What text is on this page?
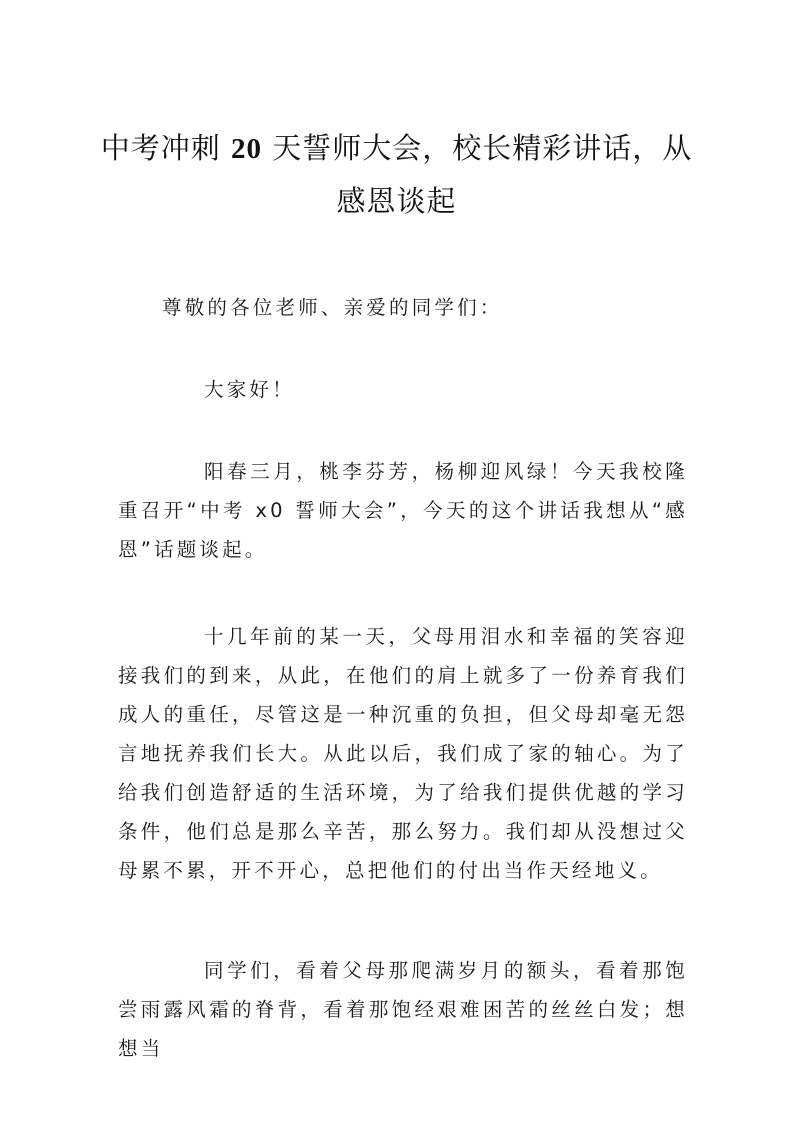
中考冲刺 20 天誓师大会，校长精彩讲话，从
感恩谈起

尊敬的各位老师、亲爱的同学们：

大家好！

阳春三月，桃李芬芳，杨柳迎风绿！今天我校隆重召开“中考 x0 誓师大会”，今天的这个讲话我想从“感恩”话题谈起。

十几年前的某一天，父母用泪水和幸福的笑容迎接我们的到来，从此，在他们的肩上就多了一份养育我们成人的重任，尽管这是一种沉重的负担，但父母却毫无怨言地抚养我们长大。从此以后，我们成了家的轴心。为了给我们创造舒适的生活环境，为了给我们提供优越的学习条件，他们总是那么辛苦，那么努力。我们却从没想过父母累不累，开不开心，总把他们的付出当作天经地义。

同学们，看着父母那爬满岁月的额头，看着那饱尝雨露风霜的脊背，看着那饱经艰难困苦的丝丝白发；想想当
